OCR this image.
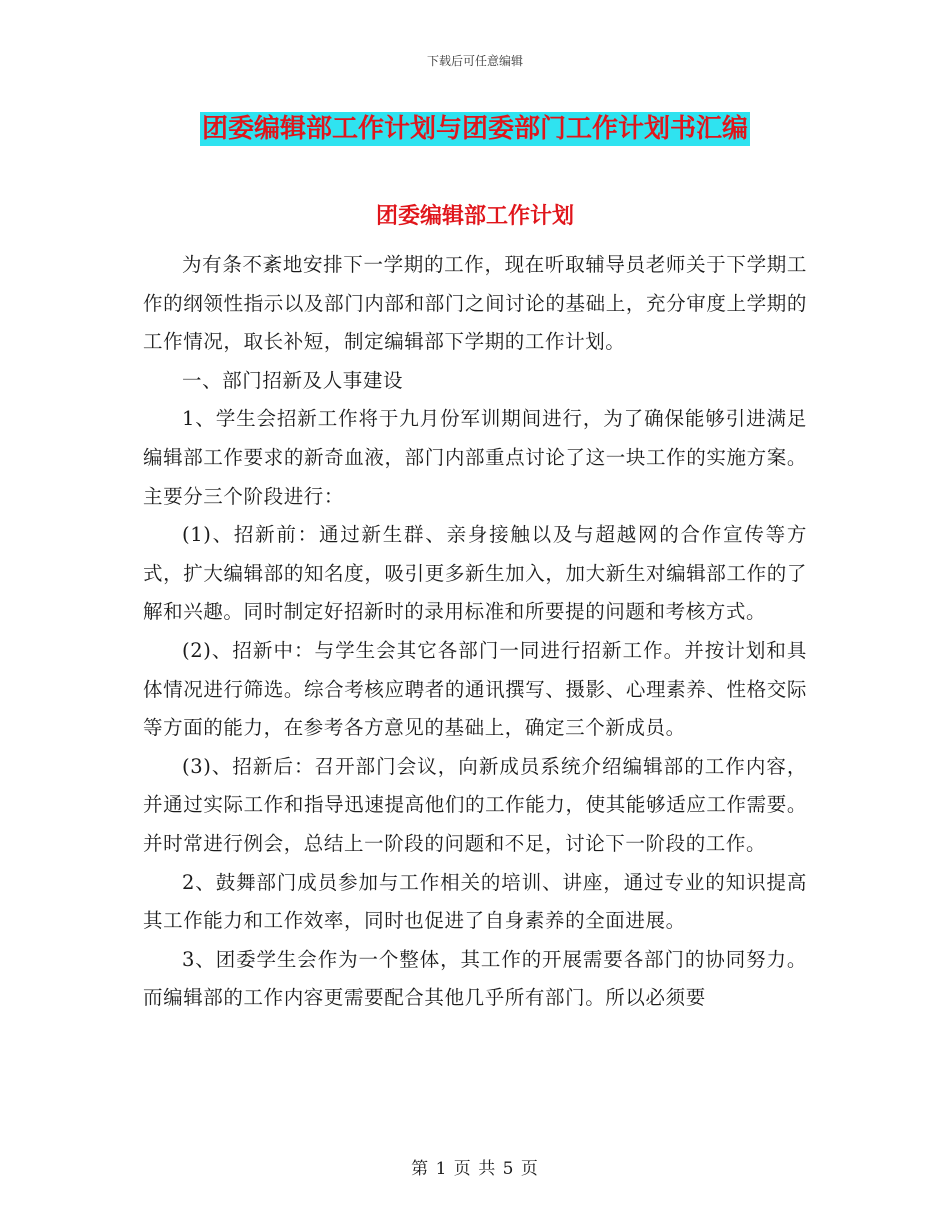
下载后可任意编辑
团委编辑部工作计划与团委部门工作计划书汇编
团委编辑部工作计划

为有条不紊地安排下一学期的工作，现在听取辅导员老师关于下学期工作的纲领性指示以及部门内部和部门之间讨论的基础上，充分审度上学期的工作情况，取长补短，制定编辑部下学期的工作计划。

一、部门招新及人事建设

1、学生会招新工作将于九月份军训期间进行，为了确保能够引进满足编辑部工作要求的新奇血液，部门内部重点讨论了这一块工作的实施方案。主要分三个阶段进行：

(1)、招新前：通过新生群、亲身接触以及与超越网的合作宣传等方式，扩大编辑部的知名度，吸引更多新生加入，加大新生对编辑部工作的了解和兴趣。同时制定好招新时的录用标准和所要提的问题和考核方式。

(2)、招新中：与学生会其它各部门一同进行招新工作。并按计划和具体情况进行筛选。综合考核应聘者的通讯撰写、摄影、心理素养、性格交际等方面的能力，在参考各方意见的基础上，确定三个新成员。

(3)、招新后：召开部门会议，向新成员系统介绍编辑部的工作内容，并通过实际工作和指导迅速提高他们的工作能力，使其能够适应工作需要。并时常进行例会，总结上一阶段的问题和不足，讨论下一阶段的工作。

2、鼓舞部门成员参加与工作相关的培训、讲座，通过专业的知识提高其工作能力和工作效率，同时也促进了自身素养的全面进展。

3、团委学生会作为一个整体，其工作的开展需要各部门的协同努力。而编辑部的工作内容更需要配合其他几乎所有部门。所以必须要

第 1 页 共 5 页
